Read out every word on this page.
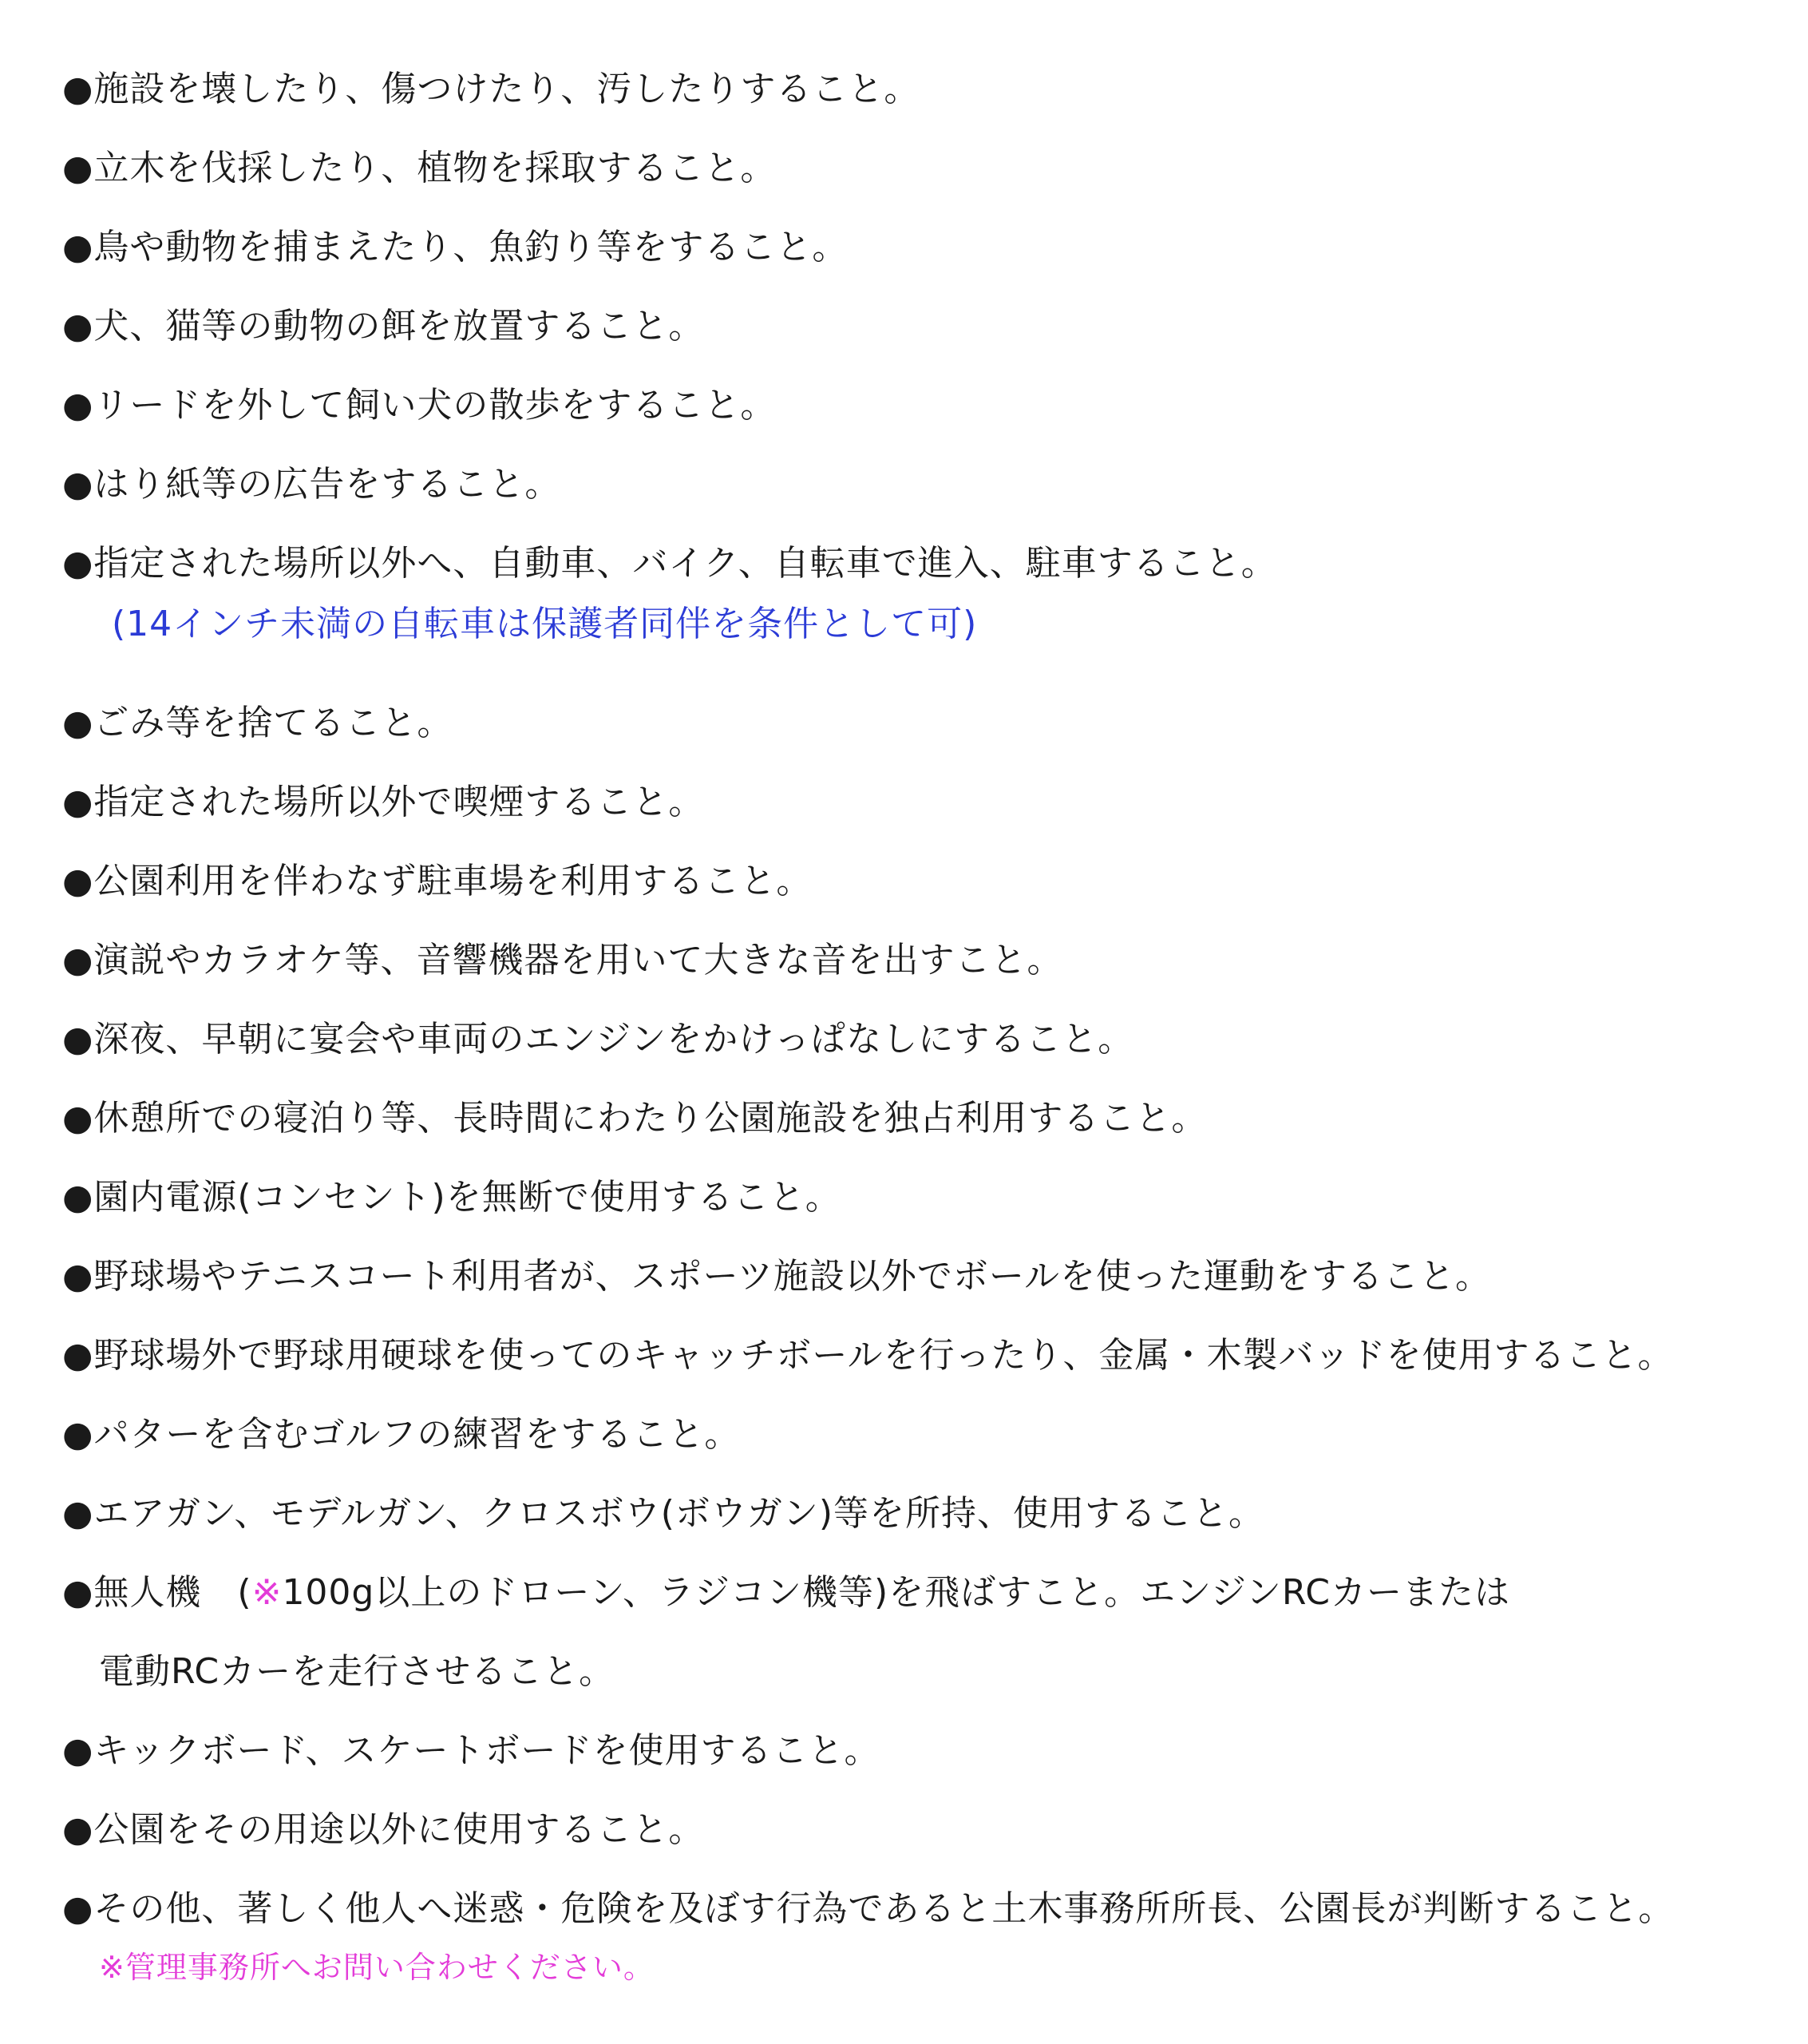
●施設を壊したり、傷つけたり、汚したりすること。
●立木を伐採したり、植物を採取すること。
●鳥や動物を捕まえたり、魚釣り等をすること。
●犬、猫等の動物の餌を放置すること。
●リードを外して飼い犬の散歩をすること。
●はり紙等の広告をすること。
●指定された場所以外へ、自動車、バイク、自転車で進入、駐車すること。
(14インチ未満の自転車は保護者同伴を条件として可)
●ごみ等を捨てること。
●指定された場所以外で喫煙すること。
●公園利用を伴わなず駐車場を利用すること。
●演説やカラオケ等、音響機器を用いて大きな音を出すこと。
●深夜、早朝に宴会や車両のエンジンをかけっぱなしにすること。
●休憩所での寝泊り等、長時間にわたり公園施設を独占利用すること。
●園内電源(コンセント)を無断で使用すること。
●野球場やテニスコート利用者が、スポーツ施設以外でボールを使った運動をすること。
●野球場外で野球用硬球を使ってのキャッチボールを行ったり、金属・木製バッドを使用すること。
●パターを含むゴルフの練習をすること。
●エアガン、モデルガン、クロスボウ(ボウガン)等を所持、使用すること。
●無人機　(※100g以上のドローン、ラジコン機等)を飛ばすこと。エンジンRCカーまたは
電動RCカーを走行させること。
●キックボード、スケートボードを使用すること。
●公園をその用途以外に使用すること。
●その他、著しく他人へ迷惑・危険を及ぼす行為であると土木事務所所長、公園長が判断すること。
※管理事務所へお問い合わせください。
